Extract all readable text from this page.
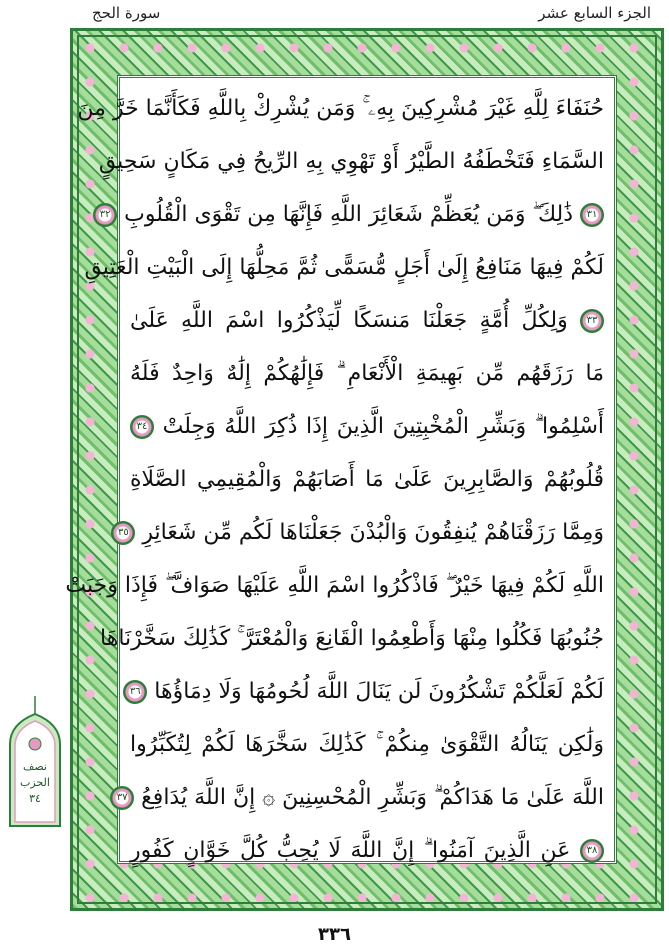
سورة الحج	الجزء السابع عشر
حُنَفَاءَ لِلَّهِ غَيْرَ مُشْرِكِينَ بِهِۦ ۚ وَمَن يُشْرِكْ بِاللَّهِ فَكَأَنَّمَا خَرَّ مِنَ
السَّمَاءِ فَتَخْطَفُهُ الطَّيْرُ أَوْ تَهْوِي بِهِ الرِّيحُ فِي مَكَانٍ سَحِيقٍ
٣١ ذَٰلِكَ ۖ وَمَن يُعَظِّمْ شَعَائِرَ اللَّهِ فَإِنَّهَا مِن تَقْوَى الْقُلُوبِ ٣٢
لَكُمْ فِيهَا مَنَافِعُ إِلَىٰ أَجَلٍ مُّسَمًّى ثُمَّ مَحِلُّهَا إِلَى الْبَيْتِ الْعَتِيقِ
٣٣ وَلِكُلِّ أُمَّةٍ جَعَلْنَا مَنسَكًا لِّيَذْكُرُوا اسْمَ اللَّهِ عَلَىٰ
مَا رَزَقَهُم مِّن بَهِيمَةِ الْأَنْعَامِ ۗ فَإِلَٰهُكُمْ إِلَٰهٌ وَاحِدٌ فَلَهُ
أَسْلِمُوا ۗ وَبَشِّرِ الْمُخْبِتِينَ الَّذِينَ إِذَا ذُكِرَ اللَّهُ وَجِلَتْ ٣٤
قُلُوبُهُمْ وَالصَّابِرِينَ عَلَىٰ مَا أَصَابَهُمْ وَالْمُقِيمِي الصَّلَاةِ
وَمِمَّا رَزَقْنَاهُمْ يُنفِقُونَ وَالْبُدْنَ جَعَلْنَاهَا لَكُم مِّن شَعَائِرِ ٣٥
اللَّهِ لَكُمْ فِيهَا خَيْرٌ ۖ فَاذْكُرُوا اسْمَ اللَّهِ عَلَيْهَا صَوَافَّ ۖ فَإِذَا وَجَبَتْ
جُنُوبُهَا فَكُلُوا مِنْهَا وَأَطْعِمُوا الْقَانِعَ وَالْمُعْتَرَّ ۚ كَذَٰلِكَ سَخَّرْنَاهَا
لَكُمْ لَعَلَّكُمْ تَشْكُرُونَ لَن يَنَالَ اللَّهَ لُحُومُهَا وَلَا دِمَاؤُهَا ٣٦
وَلَٰكِن يَنَالُهُ التَّقْوَىٰ مِنكُمْ ۚ كَذَٰلِكَ سَخَّرَهَا لَكُمْ لِتُكَبِّرُوا
اللَّهَ عَلَىٰ مَا هَدَاكُمْ ۗ وَبَشِّرِ الْمُحْسِنِينَ ۞ إِنَّ اللَّهَ يُدَافِعُ ٣٧
٣٨ عَنِ الَّذِينَ آمَنُوا ۗ إِنَّ اللَّهَ لَا يُحِبُّ كُلَّ خَوَّانٍ كَفُورٍ
نصف
الحزب
٣٤
٣٣٦
